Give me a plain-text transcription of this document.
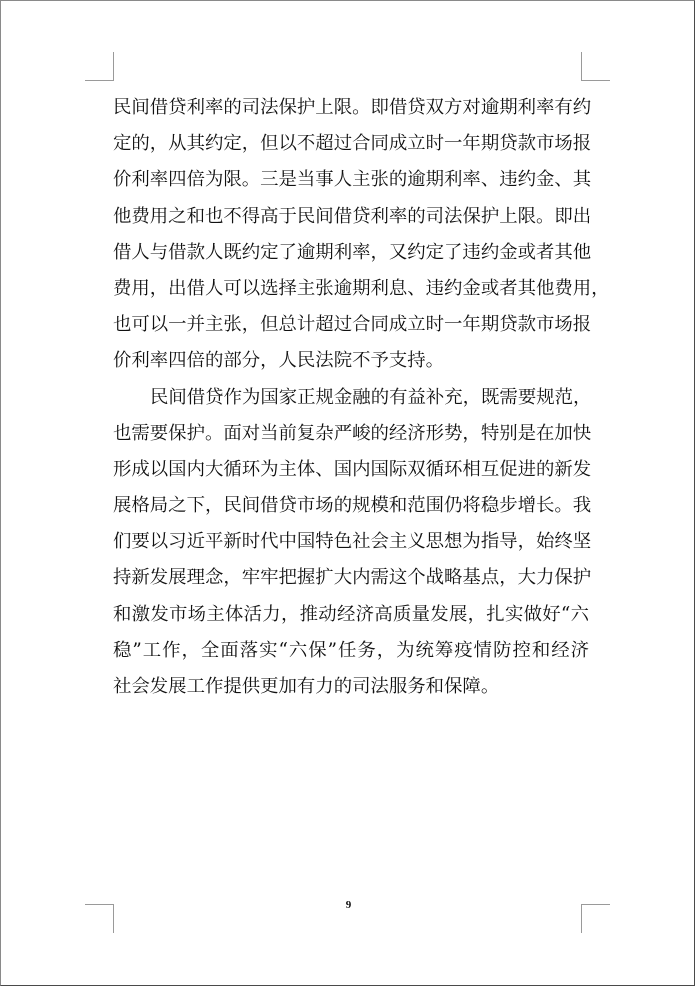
民间借贷利率的司法保护上限。即借贷双方对逾期利率有约
定的，从其约定，但以不超过合同成立时一年期贷款市场报
价利率四倍为限。三是当事人主张的逾期利率、违约金、其
他费用之和也不得高于民间借贷利率的司法保护上限。即出
借人与借款人既约定了逾期利率，又约定了违约金或者其他
费用，出借人可以选择主张逾期利息、违约金或者其他费用，
也可以一并主张，但总计超过合同成立时一年期贷款市场报
价利率四倍的部分，人民法院不予支持。
民间借贷作为国家正规金融的有益补充，既需要规范，
也需要保护。面对当前复杂严峻的经济形势，特别是在加快
形成以国内大循环为主体、国内国际双循环相互促进的新发
展格局之下，民间借贷市场的规模和范围仍将稳步增长。我
们要以习近平新时代中国特色社会主义思想为指导，始终坚
持新发展理念，牢牢把握扩大内需这个战略基点，大力保护
和激发市场主体活力，推动经济高质量发展，扎实做好“六
稳”工作，全面落实“六保”任务，为统筹疫情防控和经济
社会发展工作提供更加有力的司法服务和保障。
9
